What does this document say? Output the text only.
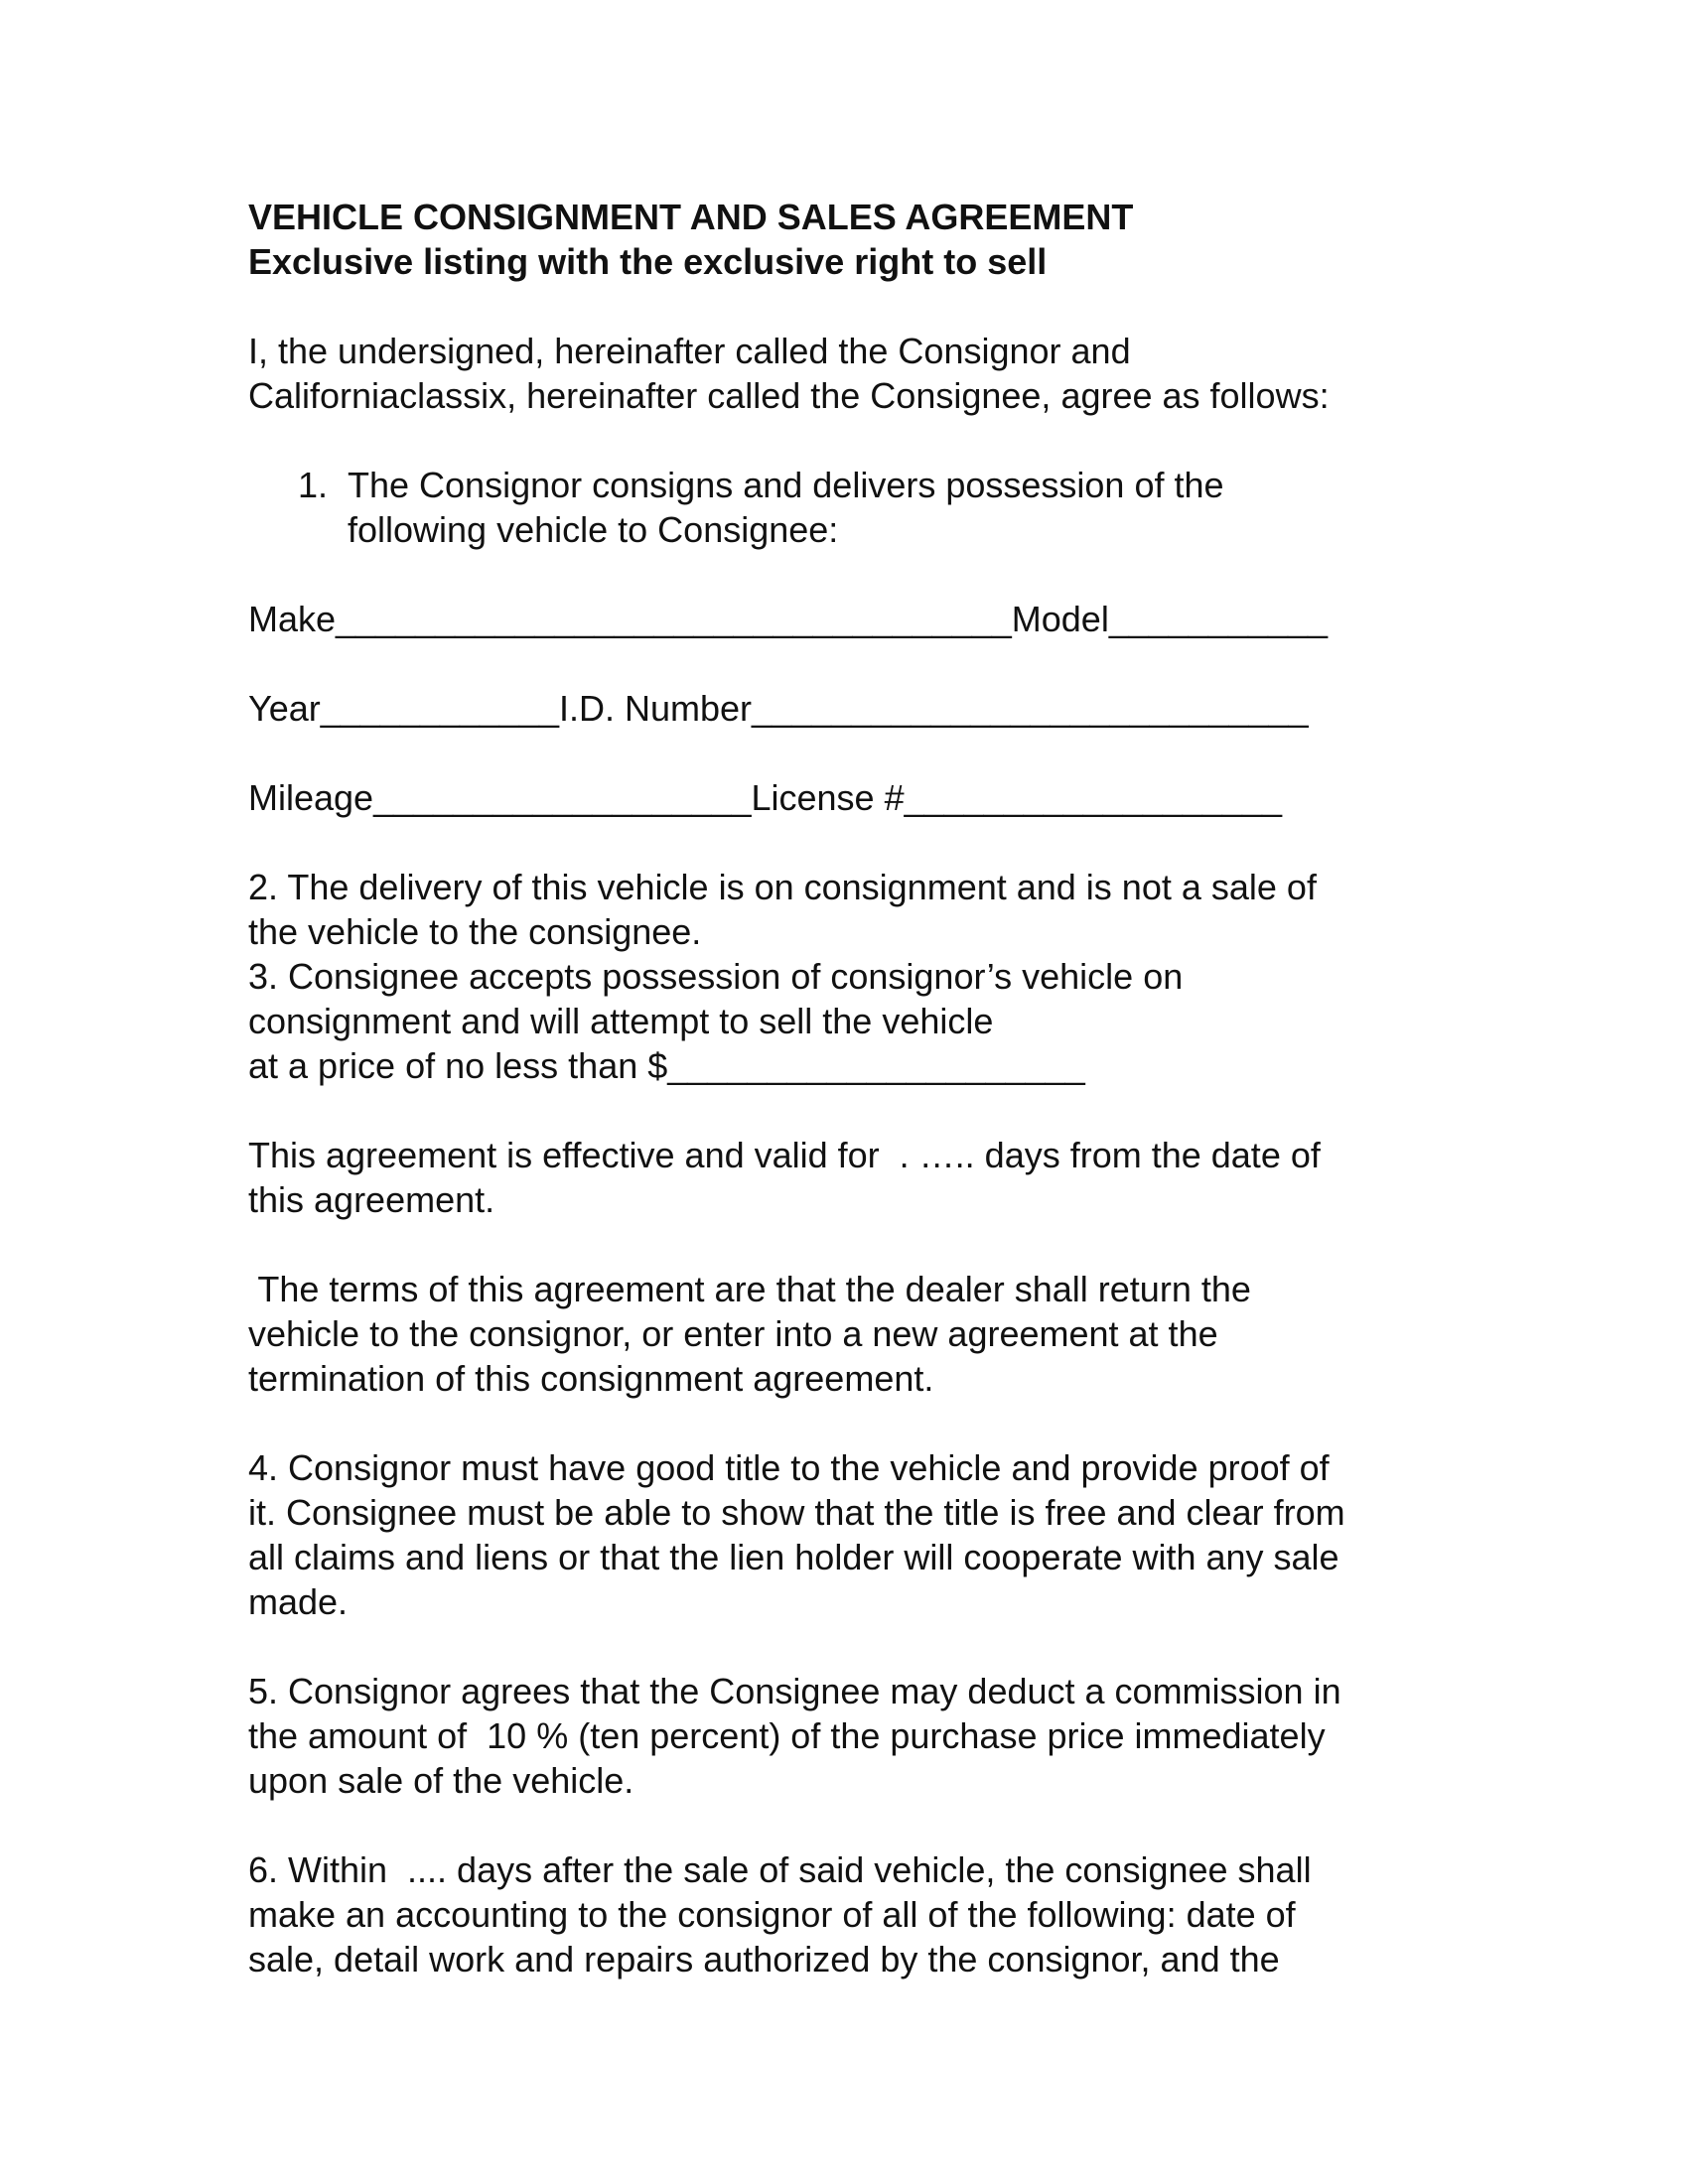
VEHICLE CONSIGNMENT AND SALES AGREEMENT

Exclusive listing with the exclusive right to sell

I, the undersigned, hereinafter called the Consignor and

Californiaclassix, hereinafter called the Consignee, agree as follows:

1. The Consignor consigns and delivers possession of the

following vehicle to Consignee:

Make__________________________________Model___________

Year____________I.D. Number____________________________

Mileage___________________License #___________________

2. The delivery of this vehicle is on consignment and is not a sale of

the vehicle to the consignee.

3. Consignee accepts possession of consignor’s vehicle on

consignment and will attempt to sell the vehicle

at a price of no less than $_____________________

This agreement is effective and valid for  . ….. days from the date of

this agreement.

The terms of this agreement are that the dealer shall return the

vehicle to the consignor, or enter into a new agreement at the

termination of this consignment agreement.

4. Consignor must have good title to the vehicle and provide proof of

it. Consignee must be able to show that the title is free and clear from

all claims and liens or that the lien holder will cooperate with any sale

made.

5. Consignor agrees that the Consignee may deduct a commission in

the amount of  10 % (ten percent) of the purchase price immediately

upon sale of the vehicle.

6. Within  .... days after the sale of said vehicle, the consignee shall

make an accounting to the consignor of all of the following: date of

sale, detail work and repairs authorized by the consignor, and the
